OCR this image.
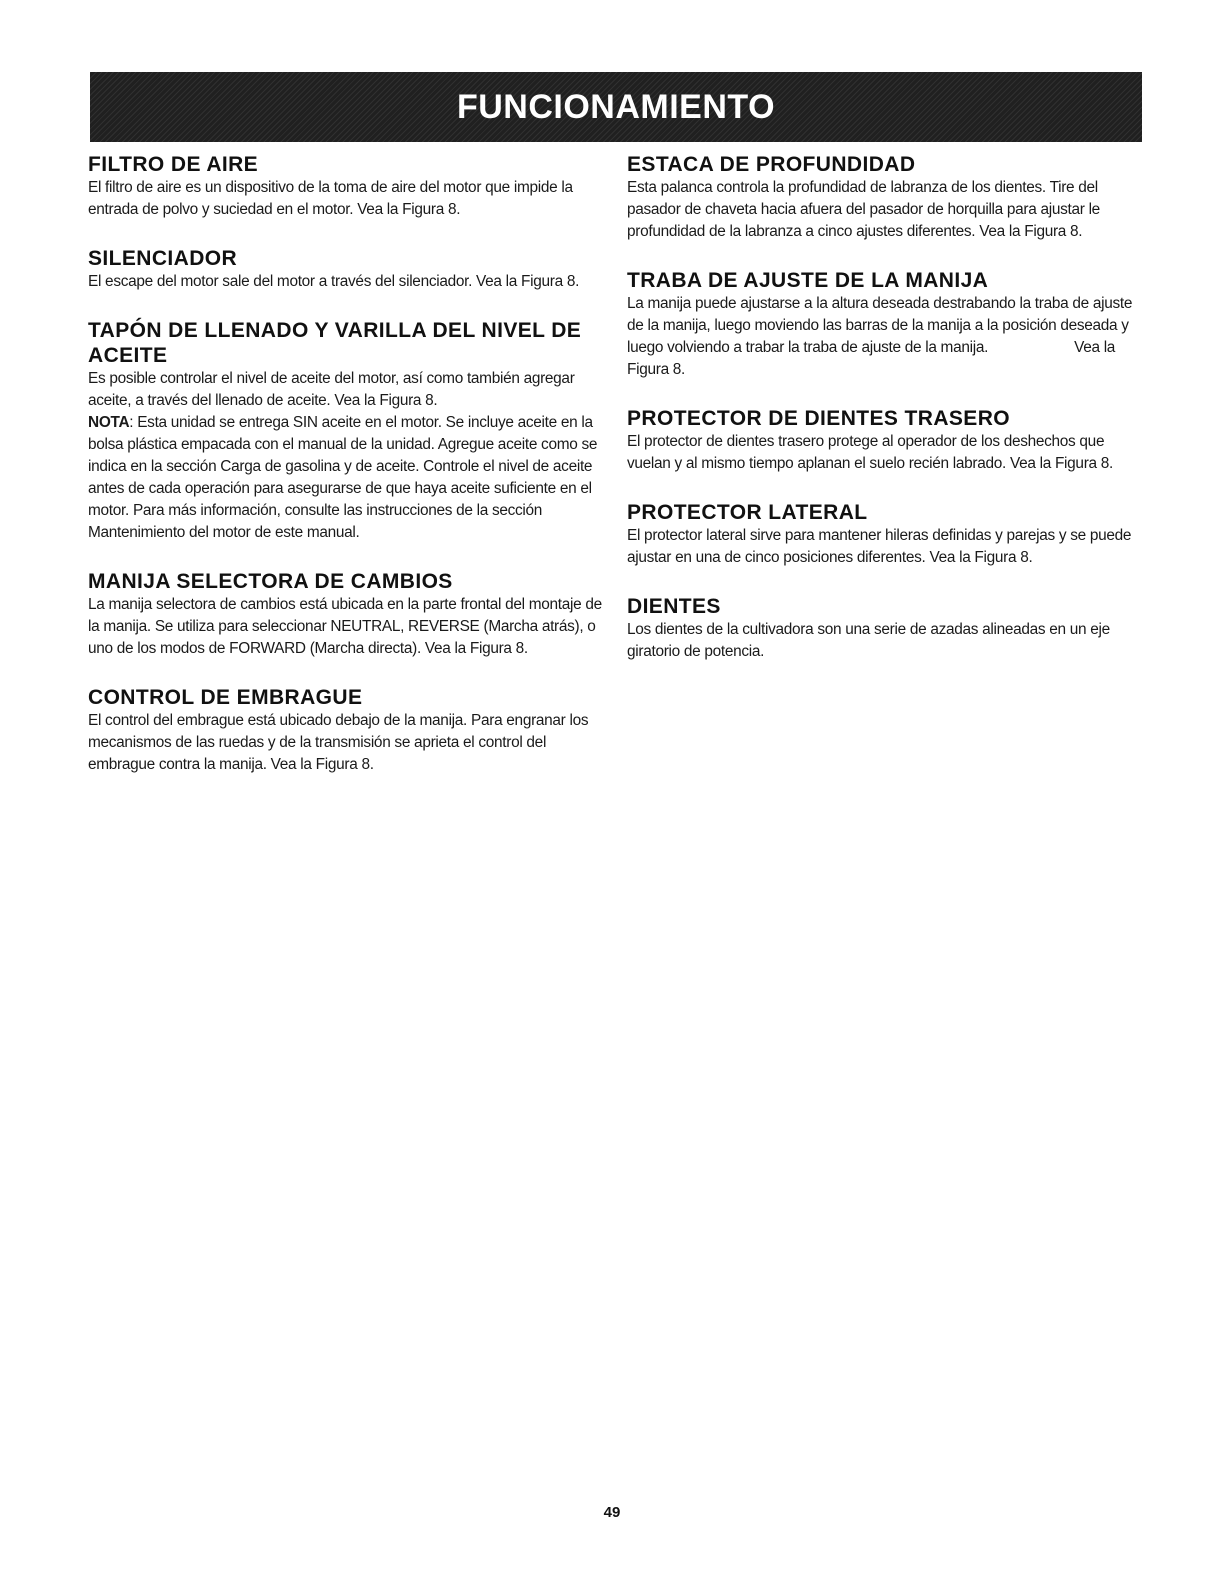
FUNCIONAMIENTO
FILTRO DE AIRE

El filtro de aire es un dispositivo de la toma de aire del motor que impide la entrada de polvo y suciedad en el motor. Vea la Figura 8.

SILENCIADOR

El escape del motor sale del motor a través del silenciador. Vea la Figura 8.

TAPÓN DE LLENADO Y VARILLA DEL NIVEL DE ACEITE

Es posible controlar el nivel de aceite del motor, así como también agregar aceite, a través del llenado de aceite. Vea la Figura 8.

NOTA: Esta unidad se entrega SIN aceite en el motor. Se incluye aceite en la bolsa plástica empacada con el manual de la unidad. Agregue aceite como se indica en la sección Carga de gasolina y de aceite. Controle el nivel de aceite antes de cada operación para asegurarse de que haya aceite suficiente en el motor. Para más información, consulte las instrucciones de la sección Mantenimiento del motor de este manual.

MANIJA SELECTORA DE CAMBIOS

La manija selectora de cambios está ubicada en la parte frontal del montaje de la manija. Se utiliza para seleccionar NEUTRAL, REVERSE (Marcha atrás), o uno de los modos de FORWARD (Marcha directa). Vea la Figura 8.

CONTROL DE EMBRAGUE

El control del embrague está ubicado debajo de la manija. Para engranar los mecanismos de las ruedas y de la transmisión se aprieta el control del embrague contra la manija. Vea la Figura 8.

ESTACA DE PROFUNDIDAD

Esta palanca controla la profundidad de labranza de los dientes. Tire del pasador de chaveta hacia afuera del pasador de horquilla para ajustar le profundidad de la labranza a cinco ajustes diferentes. Vea la Figura 8.

TRABA DE AJUSTE DE LA MANIJA

La manija puede ajustarse a la altura deseada destrabando la traba de ajuste de la manija, luego moviendo las barras de la manija a la posición deseada y luego volviendo a trabar la traba de ajuste de la manija.	Vea la Figura 8.

PROTECTOR DE DIENTES TRASERO

El protector de dientes trasero protege al operador de los deshechos que vuelan y al mismo tiempo aplanan el suelo recién labrado. Vea la Figura 8.

PROTECTOR LATERAL

El protector lateral sirve para mantener hileras definidas y parejas y se puede ajustar en una de cinco posiciones diferentes. Vea la Figura 8.

DIENTES

Los dientes de la cultivadora son una serie de azadas alineadas en un eje giratorio de potencia.

49
